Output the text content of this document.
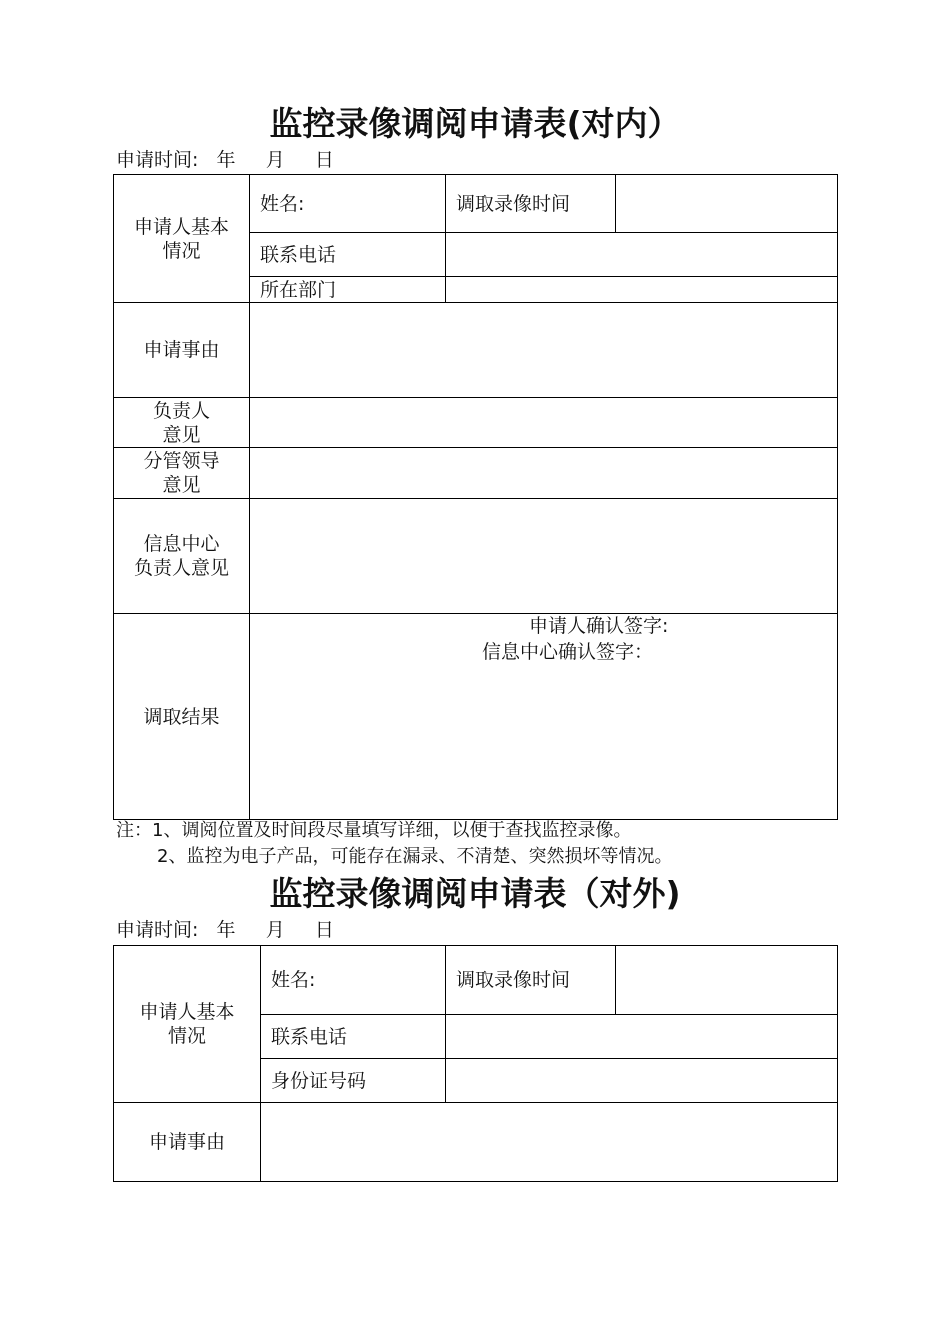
监控录像调阅申请表(对内）
申请时间:   年     月     日
申请人基本
情况
姓名:	调取录像时间
联系电话
所在部门
申请事由
负责人
意见
分管领导
意见
信息中心
负责人意见
调取结果
申请人确认签字:
信息中心确认签字：
注：1、调阅位置及时间段尽量填写详细，以便于查找监控录像。
2、监控为电子产品，可能存在漏录、不清楚、突然损坏等情况。
监控录像调阅申请表（对外)
申请时间:   年     月     日
申请人基本
情况
姓名:	调取录像时间
联系电话
身份证号码
申请事由
